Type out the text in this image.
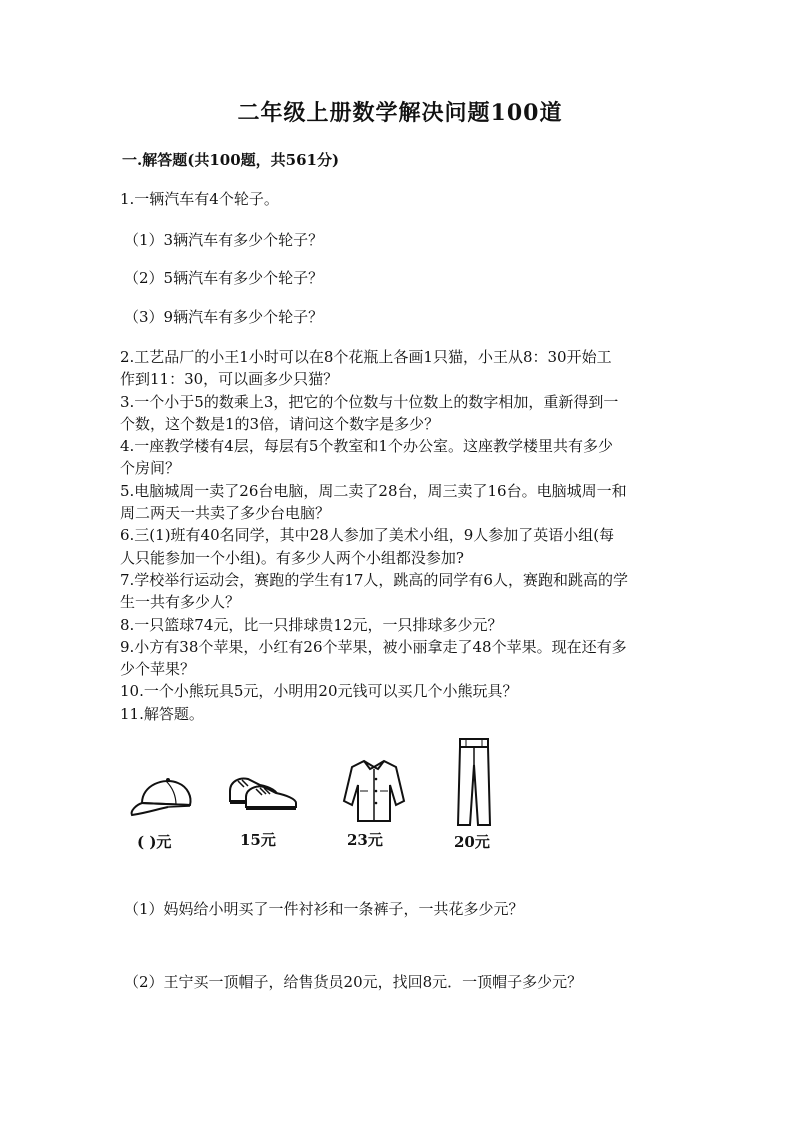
二年级上册数学解决问题100道
一.解答题(共100题，共561分)
1.一辆汽车有4个轮子。
（1）3辆汽车有多少个轮子？
（2）5辆汽车有多少个轮子？
（3）9辆汽车有多少个轮子？
2.工艺品厂的小王1小时可以在8个花瓶上各画1只猫，小王从8：30开始工
作到11：30，可以画多少只猫？
3.一个小于5的数乘上3，把它的个位数与十位数上的数字相加，重新得到一
个数，这个数是1的3倍，请问这个数字是多少？
4.一座教学楼有4层，每层有5个教室和1个办公室。这座教学楼里共有多少
个房间？
5.电脑城周一卖了26台电脑，周二卖了28台，周三卖了16台。电脑城周一和
周二两天一共卖了多少台电脑？
6.三(1)班有40名同学，其中28人参加了美术小组，9人参加了英语小组(每
人只能参加一个小组)。有多少人两个小组都没参加?
7.学校举行运动会，赛跑的学生有17人，跳高的同学有6人，赛跑和跳高的学
生一共有多少人？
8.一只篮球74元，比一只排球贵12元，一只排球多少元？
9.小方有38个苹果，小红有26个苹果，被小丽拿走了48个苹果。现在还有多
少个苹果？
10.一个小熊玩具5元，小明用20元钱可以买几个小熊玩具？
11.解答题。
( )元	15元	23元	20元
（1）妈妈给小明买了一件衬衫和一条裤子，一共花多少元？
（2）王宁买一顶帽子，给售货员20元，找回8元．一顶帽子多少元？
